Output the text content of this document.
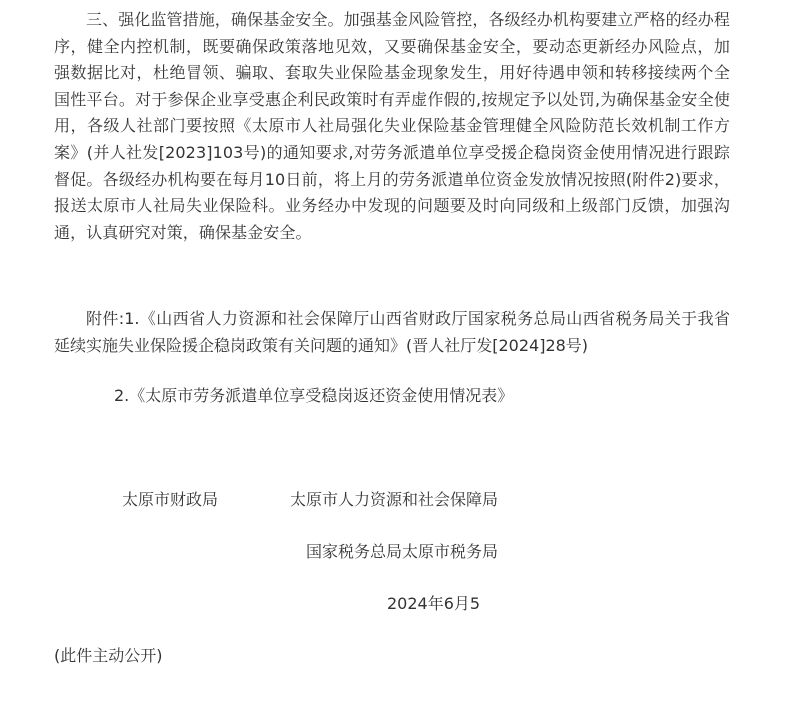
三、强化监管措施，确保基金安全。加强基金风险管控，各级经办机构要建立严格的经办程序，健全内控机制，既要确保政策落地见效，又要确保基金安全，要动态更新经办风险点，加强数据比对，杜绝冒领、骗取、套取失业保险基金现象发生，用好待遇申领和转移接续两个全国性平台。对于参保企业享受惠企利民政策时有弄虚作假的,按规定予以处罚,为确保基金安全使用，各级人社部门要按照《太原市人社局强化失业保险基金管理健全风险防范长效机制工作方案》(并人社发[2023]103号)的通知要求,对劳务派遣单位享受援企稳岗资金使用情况进行跟踪督促。各级经办机构要在每月10日前，将上月的劳务派遣单位资金发放情况按照(附件2)要求，报送太原市人社局失业保险科。业务经办中发现的问题要及时向同级和上级部门反馈，加强沟通，认真研究对策，确保基金安全。

附件:1.《山西省人力资源和社会保障厅山西省财政厅国家税务总局山西省税务局关于我省延续实施失业保险援企稳岗政策有关问题的通知》(晋人社厅发[2024]28号)

2.《太原市劳务派遣单位享受稳岗返还资金使用情况表》

太原市财政局	太原市人力资源和社会保障局

国家税务总局太原市税务局

2024年6月5

(此件主动公开)
